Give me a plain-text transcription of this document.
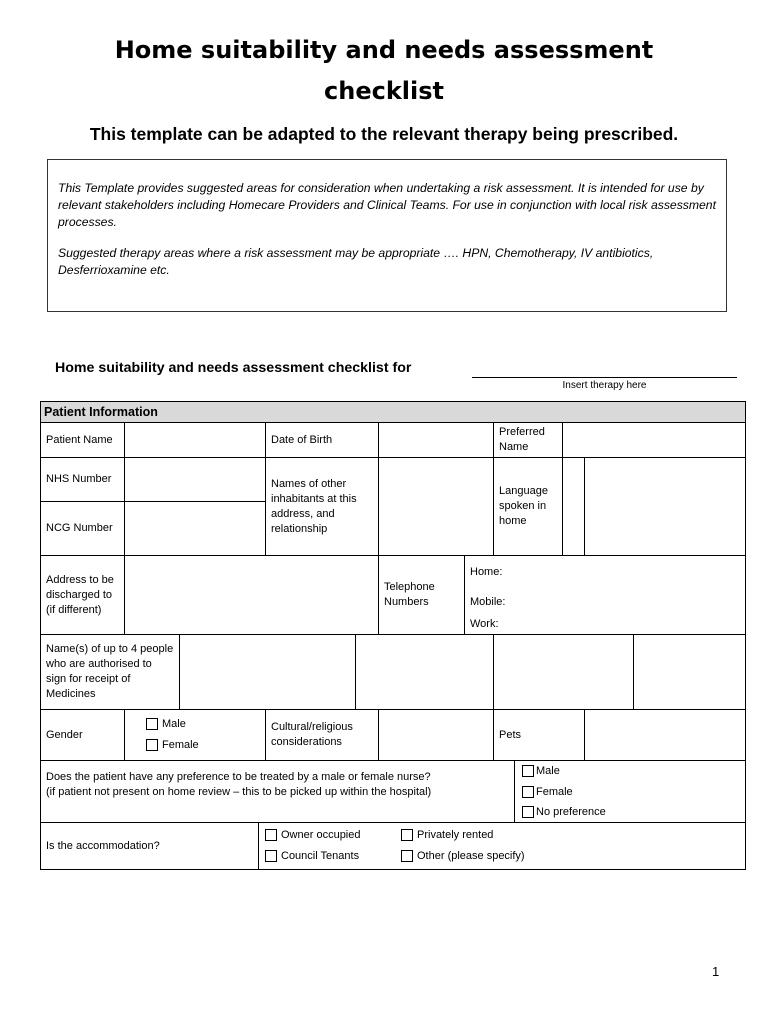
Home suitability and needs assessment
checklist
This template can be adapted to the relevant therapy being prescribed.

This Template provides suggested areas for consideration when undertaking a risk assessment. It is intended for use by relevant stakeholders including Homecare Providers and Clinical Teams. For use in conjunction with local risk assessment processes.

Suggested therapy areas where a risk assessment may be appropriate …. HPN, Chemotherapy, IV antibiotics, Desferrioxamine etc.

Home suitability and needs assessment checklist for
Insert therapy here
Patient Information												
Patient Name				Date of Birth				Preferred Name				
NHS Number				Names of other inhabitants at this address, and relationship				Language spoken in home				
NCG Number												
Address to be discharged to (if different)						Telephone Numbers	Home:
Mobile:
Work:					

Name(s) of up to 4 people who are authorised to sign for receipt of Medicines												
Gender	Male
Female			Cultural/religious considerations				Pets				

Does the patient have any preference to be treated by a male or female nurse?
(if patient not present on home review – this to be picked up within the hospital)									Male
Female
No preference			

Is the accommodation?			Owner occupied
Council Tenants
Privately rented
Other (please specify)									
1
